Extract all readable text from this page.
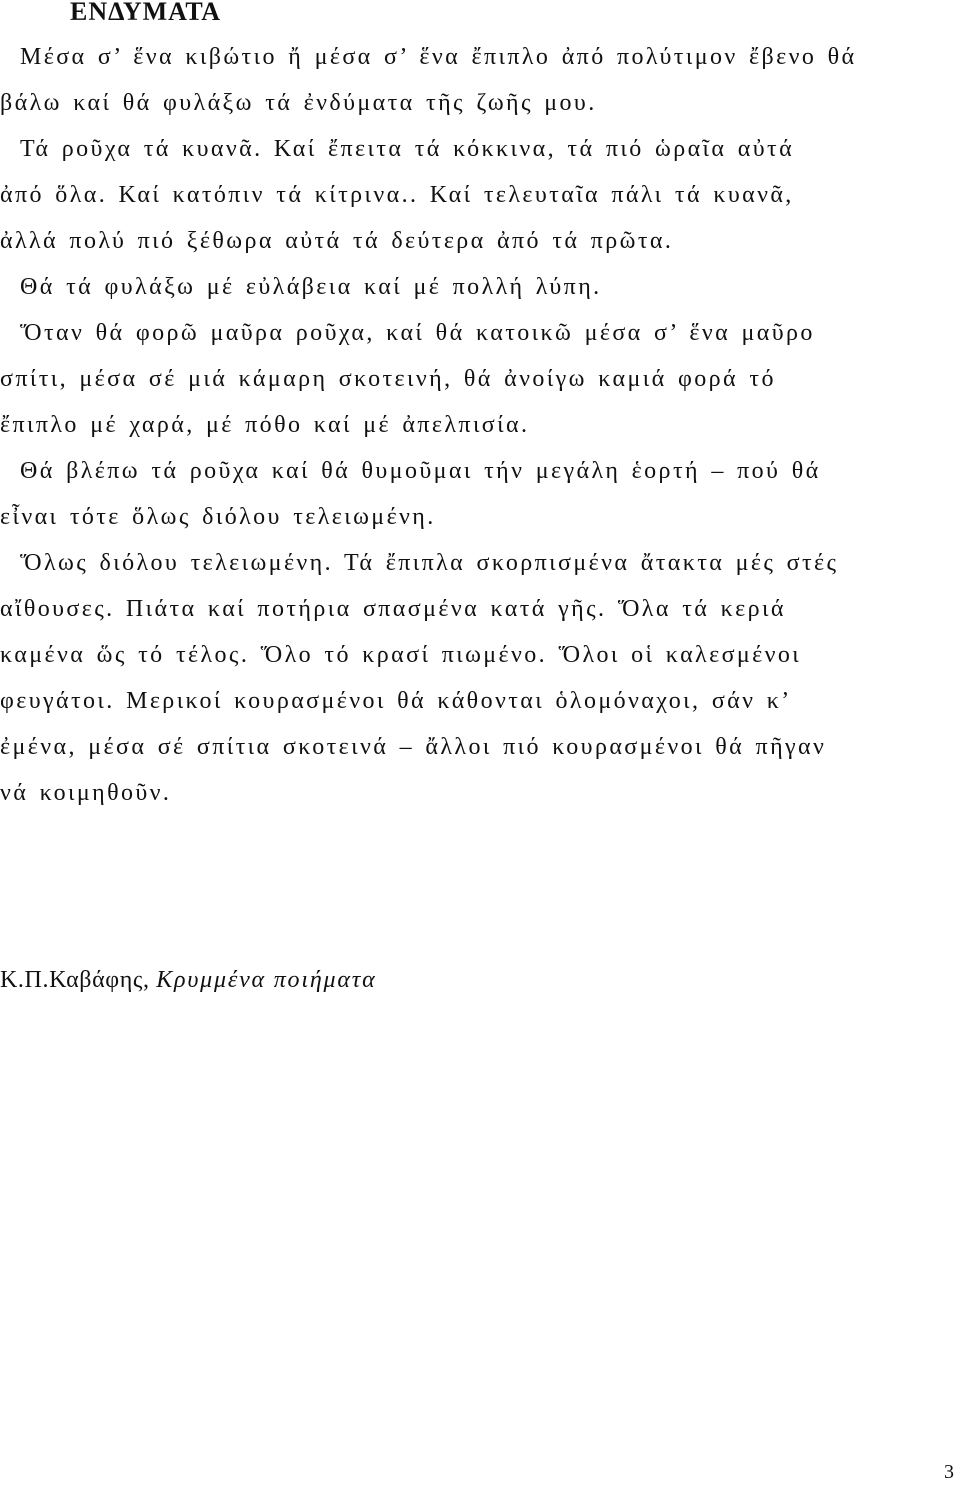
ΕΝΔΥΜΑΤΑ
Μέσα σ’ ἕνα κιβώτιο ἤ μέσα σ’ ἕνα ἔπιπλο ἀπό πολύτιμον ἔβενο θά
βάλω καί θά φυλάξω τά ἐνδύματα τῆς ζωῆς μου.
Τά ροῦχα τά κυανᾶ. Καί ἔπειτα τά κόκκινα, τά πιό ὡραῖα αὐτά
ἀπό ὅλα. Καί κατόπιν τά κίτρινα.. Καί τελευταῖα πάλι τά κυανᾶ,
ἀλλά πολύ πιό ξέθωρα αὐτά τά δεύτερα ἀπό τά πρῶτα.
Θά τά φυλάξω μέ εὐλάβεια καί μέ πολλή λύπη.
Ὅταν θά φορῶ μαῦρα ροῦχα, καί θά κατοικῶ μέσα σ’ ἕνα μαῦρο
σπίτι, μέσα σέ μιά κάμαρη σκοτεινή, θά ἀνοίγω καμιά φορά τό
ἔπιπλο μέ χαρά, μέ πόθο καί μέ ἀπελπισία.
Θά βλέπω τά ροῦχα καί θά θυμοῦμαι τήν μεγάλη ἑορτή – πού θά
εἶναι τότε ὅλως διόλου τελειωμένη.
Ὅλως διόλου τελειωμένη. Τά ἔπιπλα σκορπισμένα ἄτακτα μές στές
αἴθουσες. Πιάτα καί ποτήρια σπασμένα κατά γῆς. Ὅλα τά κεριά
καμένα ὥς τό τέλος. Ὅλο τό κρασί πιωμένο. Ὅλοι οἱ καλεσμένοι
φευγάτοι. Μερικοί κουρασμένοι θά κάθονται ὁλομόναχοι, σάν κ’
ἐμένα, μέσα σέ σπίτια σκοτεινά – ἄλλοι πιό κουρασμένοι θά πῆγαν
νά κοιμηθοῦν.
Κ.Π.Καβάφης, Κρυμμένα ποιήματα
3
